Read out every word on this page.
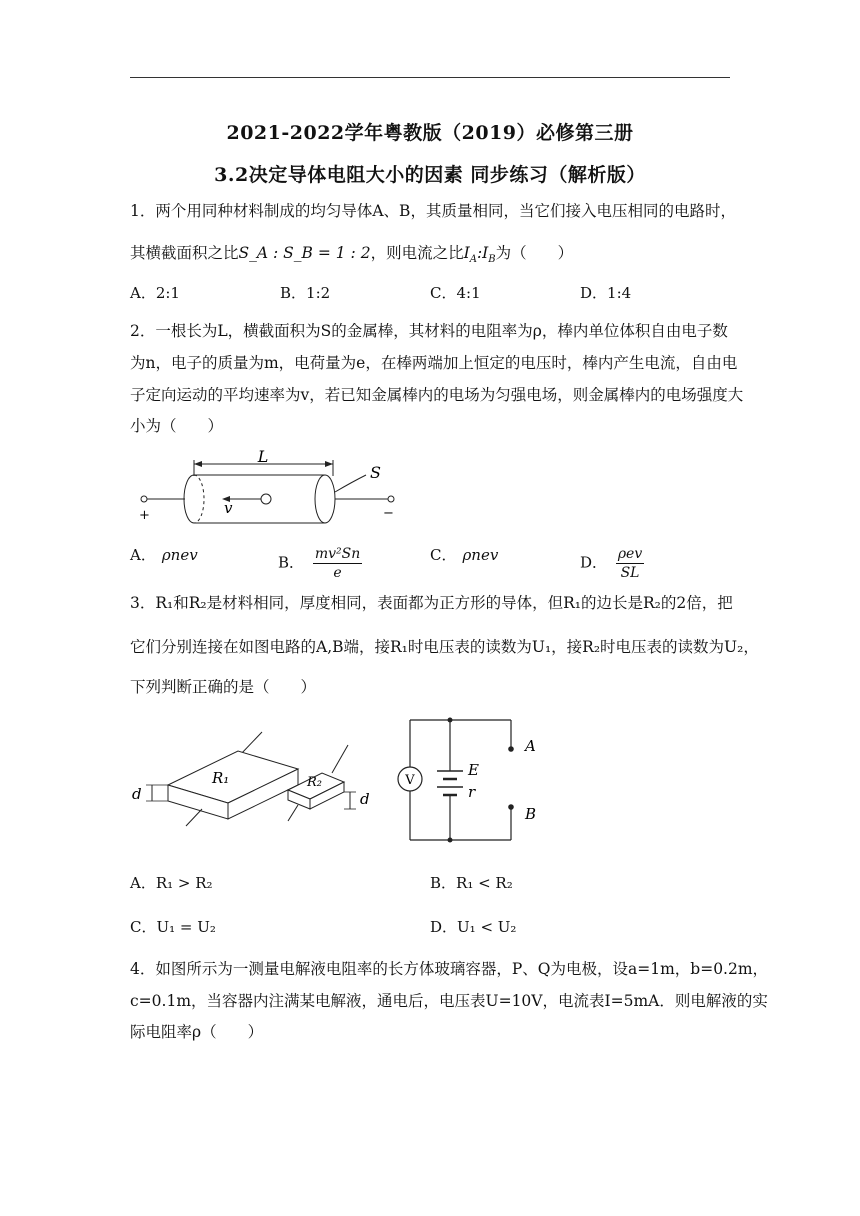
2021-2022学年粤教版（2019）必修第三册
3.2决定导体电阻大小的因素 同步练习（解析版）
1．两个用同种材料制成的均匀导体A、B，其质量相同，当它们接入电压相同的电路时，
其横截面积之比S_A : S_B = 1 : 2，则电流之比$I_A:I_B$为（　　）
A．2:1	B．1:2	C．4:1	D．1:4
2．一根长为L，横截面积为S的金属棒，其材料的电阻率为ρ，棒内单位体积自由电子数
为n，电子的质量为m，电荷量为e，在棒两端加上恒定的电压时，棒内产生电流，自由电
子定向运动的平均速率为v，若已知金属棒内的电场为匀强电场，则金属棒内的电场强度大
小为（　　）
L
+
S
−
v
A． ρnev	B． $\frac{\text{mv²Sn}}{e}$	C． ρnev	D． ρev
SL
3．R₁和R₂是材料相同，厚度相同，表面都为正方形的导体，但R₁的边长是R₂的2倍，把
它们分别连接在如图电路的A,B端，接R₁时电压表的读数为U₁，接R₂时电压表的读数为U₂，
下列判断正确的是（　　）
R₁
d
R₂
d
V
E
r
A
B
A．R₁ > R₂	B．R₁ < R₂
C．U₁ = U₂	D．U₁ < U₂
4．如图所示为一测量电解液电阻率的长方体玻璃容器，P、Q为电极，设a=1m，b=0.2m，
c=0.1m，当容器内注满某电解液，通电后，电压表U=10V，电流表I=5mA．则电解液的实
际电阻率ρ（　　）
